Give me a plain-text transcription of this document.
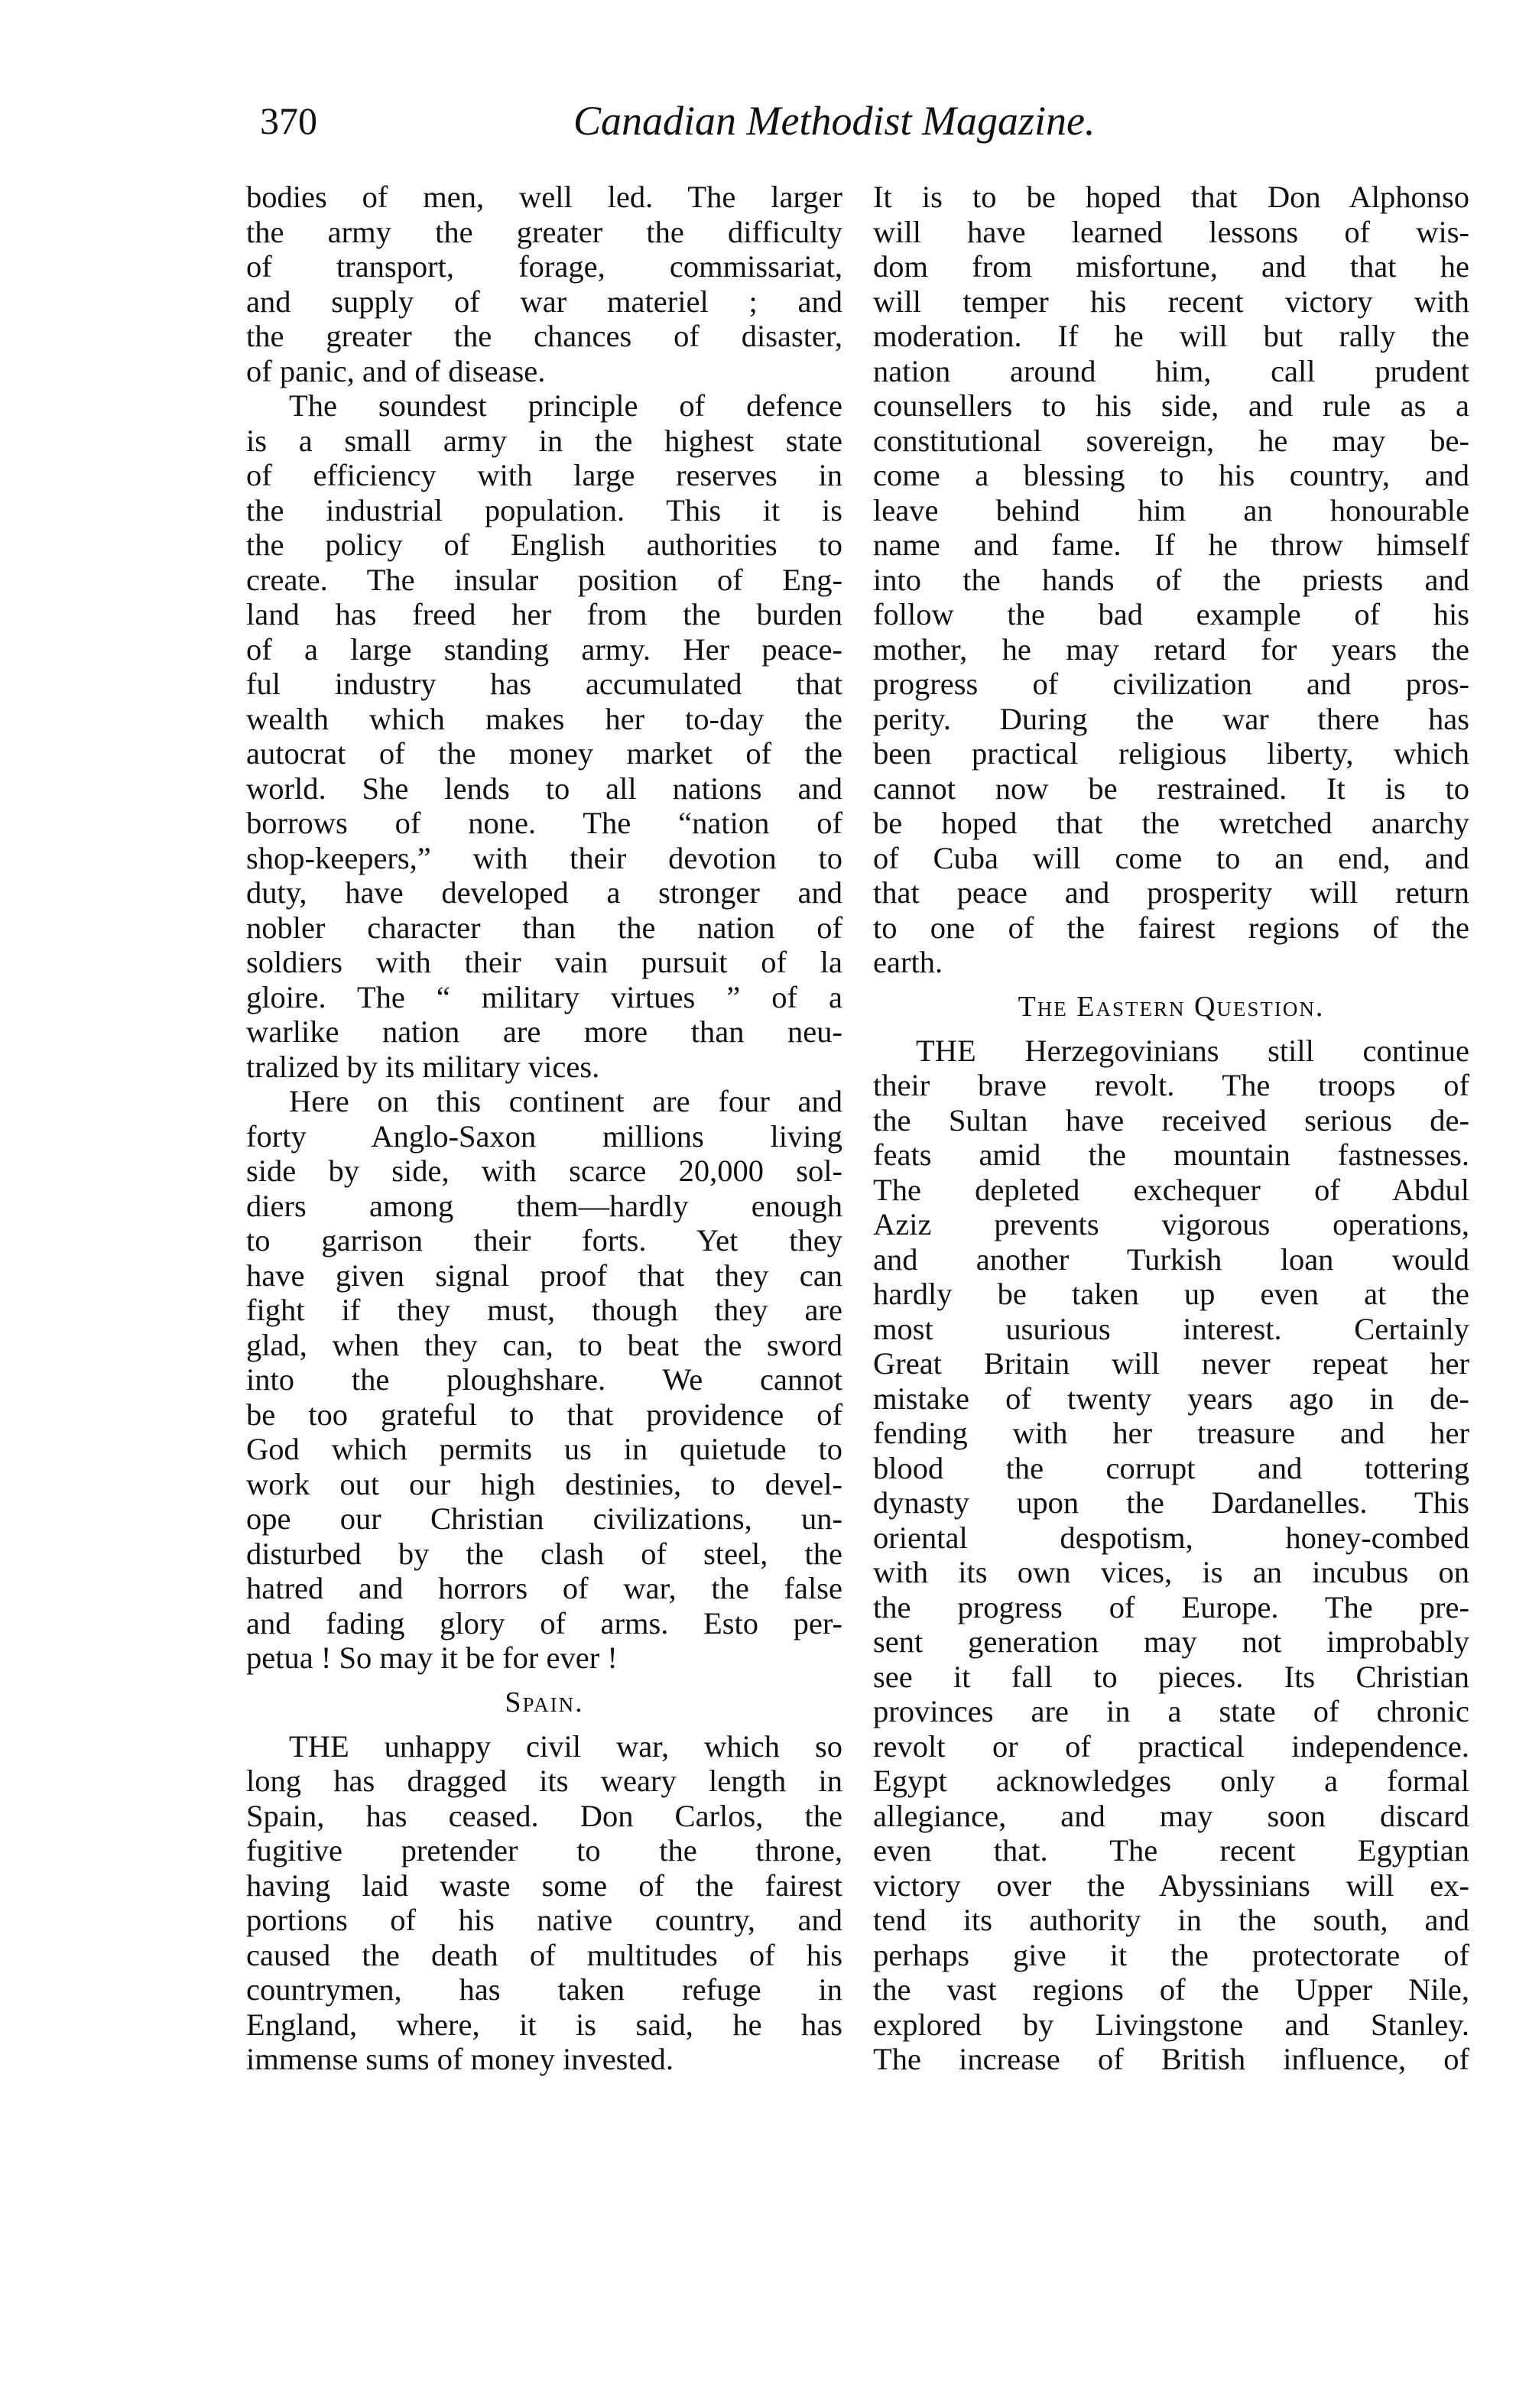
370	Canadian Methodist Magazine.
bodies of men, well led. The larger
the army the greater the difficulty
of transport, forage, commissariat,
and supply of war materiel ; and
the greater the chances of disaster,
of panic, and of disease.
The soundest principle of defence
is a small army in the highest state
of efficiency with large reserves in
the industrial population. This it is
the policy of English authorities to
create. The insular position of Eng-
land has freed her from the burden
of a large standing army. Her peace-
ful industry has accumulated that
wealth which makes her to-day the
autocrat of the money market of the
world. She lends to all nations and
borrows of none. The “nation of
shop-keepers,” with their devotion to
duty, have developed a stronger and
nobler character than the nation of
soldiers with their vain pursuit of la
gloire. The “ military virtues ” of a
warlike nation are more than neu-
tralized by its military vices.
Here on this continent are four and
forty Anglo-Saxon millions living
side by side, with scarce 20,000 sol-
diers among them—hardly enough
to garrison their forts. Yet they
have given signal proof that they can
fight if they must, though they are
glad, when they can, to beat the sword
into the ploughshare. We cannot
be too grateful to that providence of
God which permits us in quietude to
work out our high destinies, to devel-
ope our Christian civilizations, un-
disturbed by the clash of steel, the
hatred and horrors of war, the false
and fading glory of arms. Esto per-
petua ! So may it be for ever !
Spain.
THE unhappy civil war, which so
long has dragged its weary length in
Spain, has ceased. Don Carlos, the
fugitive pretender to the throne,
having laid waste some of the fairest
portions of his native country, and
caused the death of multitudes of his
countrymen, has taken refuge in
England, where, it is said, he has
immense sums of money invested.
It is to be hoped that Don Alphonso
will have learned lessons of wis-
dom from misfortune, and that he
will temper his recent victory with
moderation. If he will but rally the
nation around him, call prudent
counsellers to his side, and rule as a
constitutional sovereign, he may be-
come a blessing to his country, and
leave behind him an honourable
name and fame. If he throw himself
into the hands of the priests and
follow the bad example of his
mother, he may retard for years the
progress of civilization and pros-
perity. During the war there has
been practical religious liberty, which
cannot now be restrained. It is to
be hoped that the wretched anarchy
of Cuba will come to an end, and
that peace and prosperity will return
to one of the fairest regions of the
earth.
The Eastern Question.
THE Herzegovinians still continue
their brave revolt. The troops of
the Sultan have received serious de-
feats amid the mountain fastnesses.
The depleted exchequer of Abdul
Aziz prevents vigorous operations,
and another Turkish loan would
hardly be taken up even at the
most usurious interest. Certainly
Great Britain will never repeat her
mistake of twenty years ago in de-
fending with her treasure and her
blood the corrupt and tottering
dynasty upon the Dardanelles. This
oriental despotism, honey-combed
with its own vices, is an incubus on
the progress of Europe. The pre-
sent generation may not improbably
see it fall to pieces. Its Christian
provinces are in a state of chronic
revolt or of practical independence.
Egypt acknowledges only a formal
allegiance, and may soon discard
even that. The recent Egyptian
victory over the Abyssinians will ex-
tend its authority in the south, and
perhaps give it the protectorate of
the vast regions of the Upper Nile,
explored by Livingstone and Stanley.
The increase of British influence, of
